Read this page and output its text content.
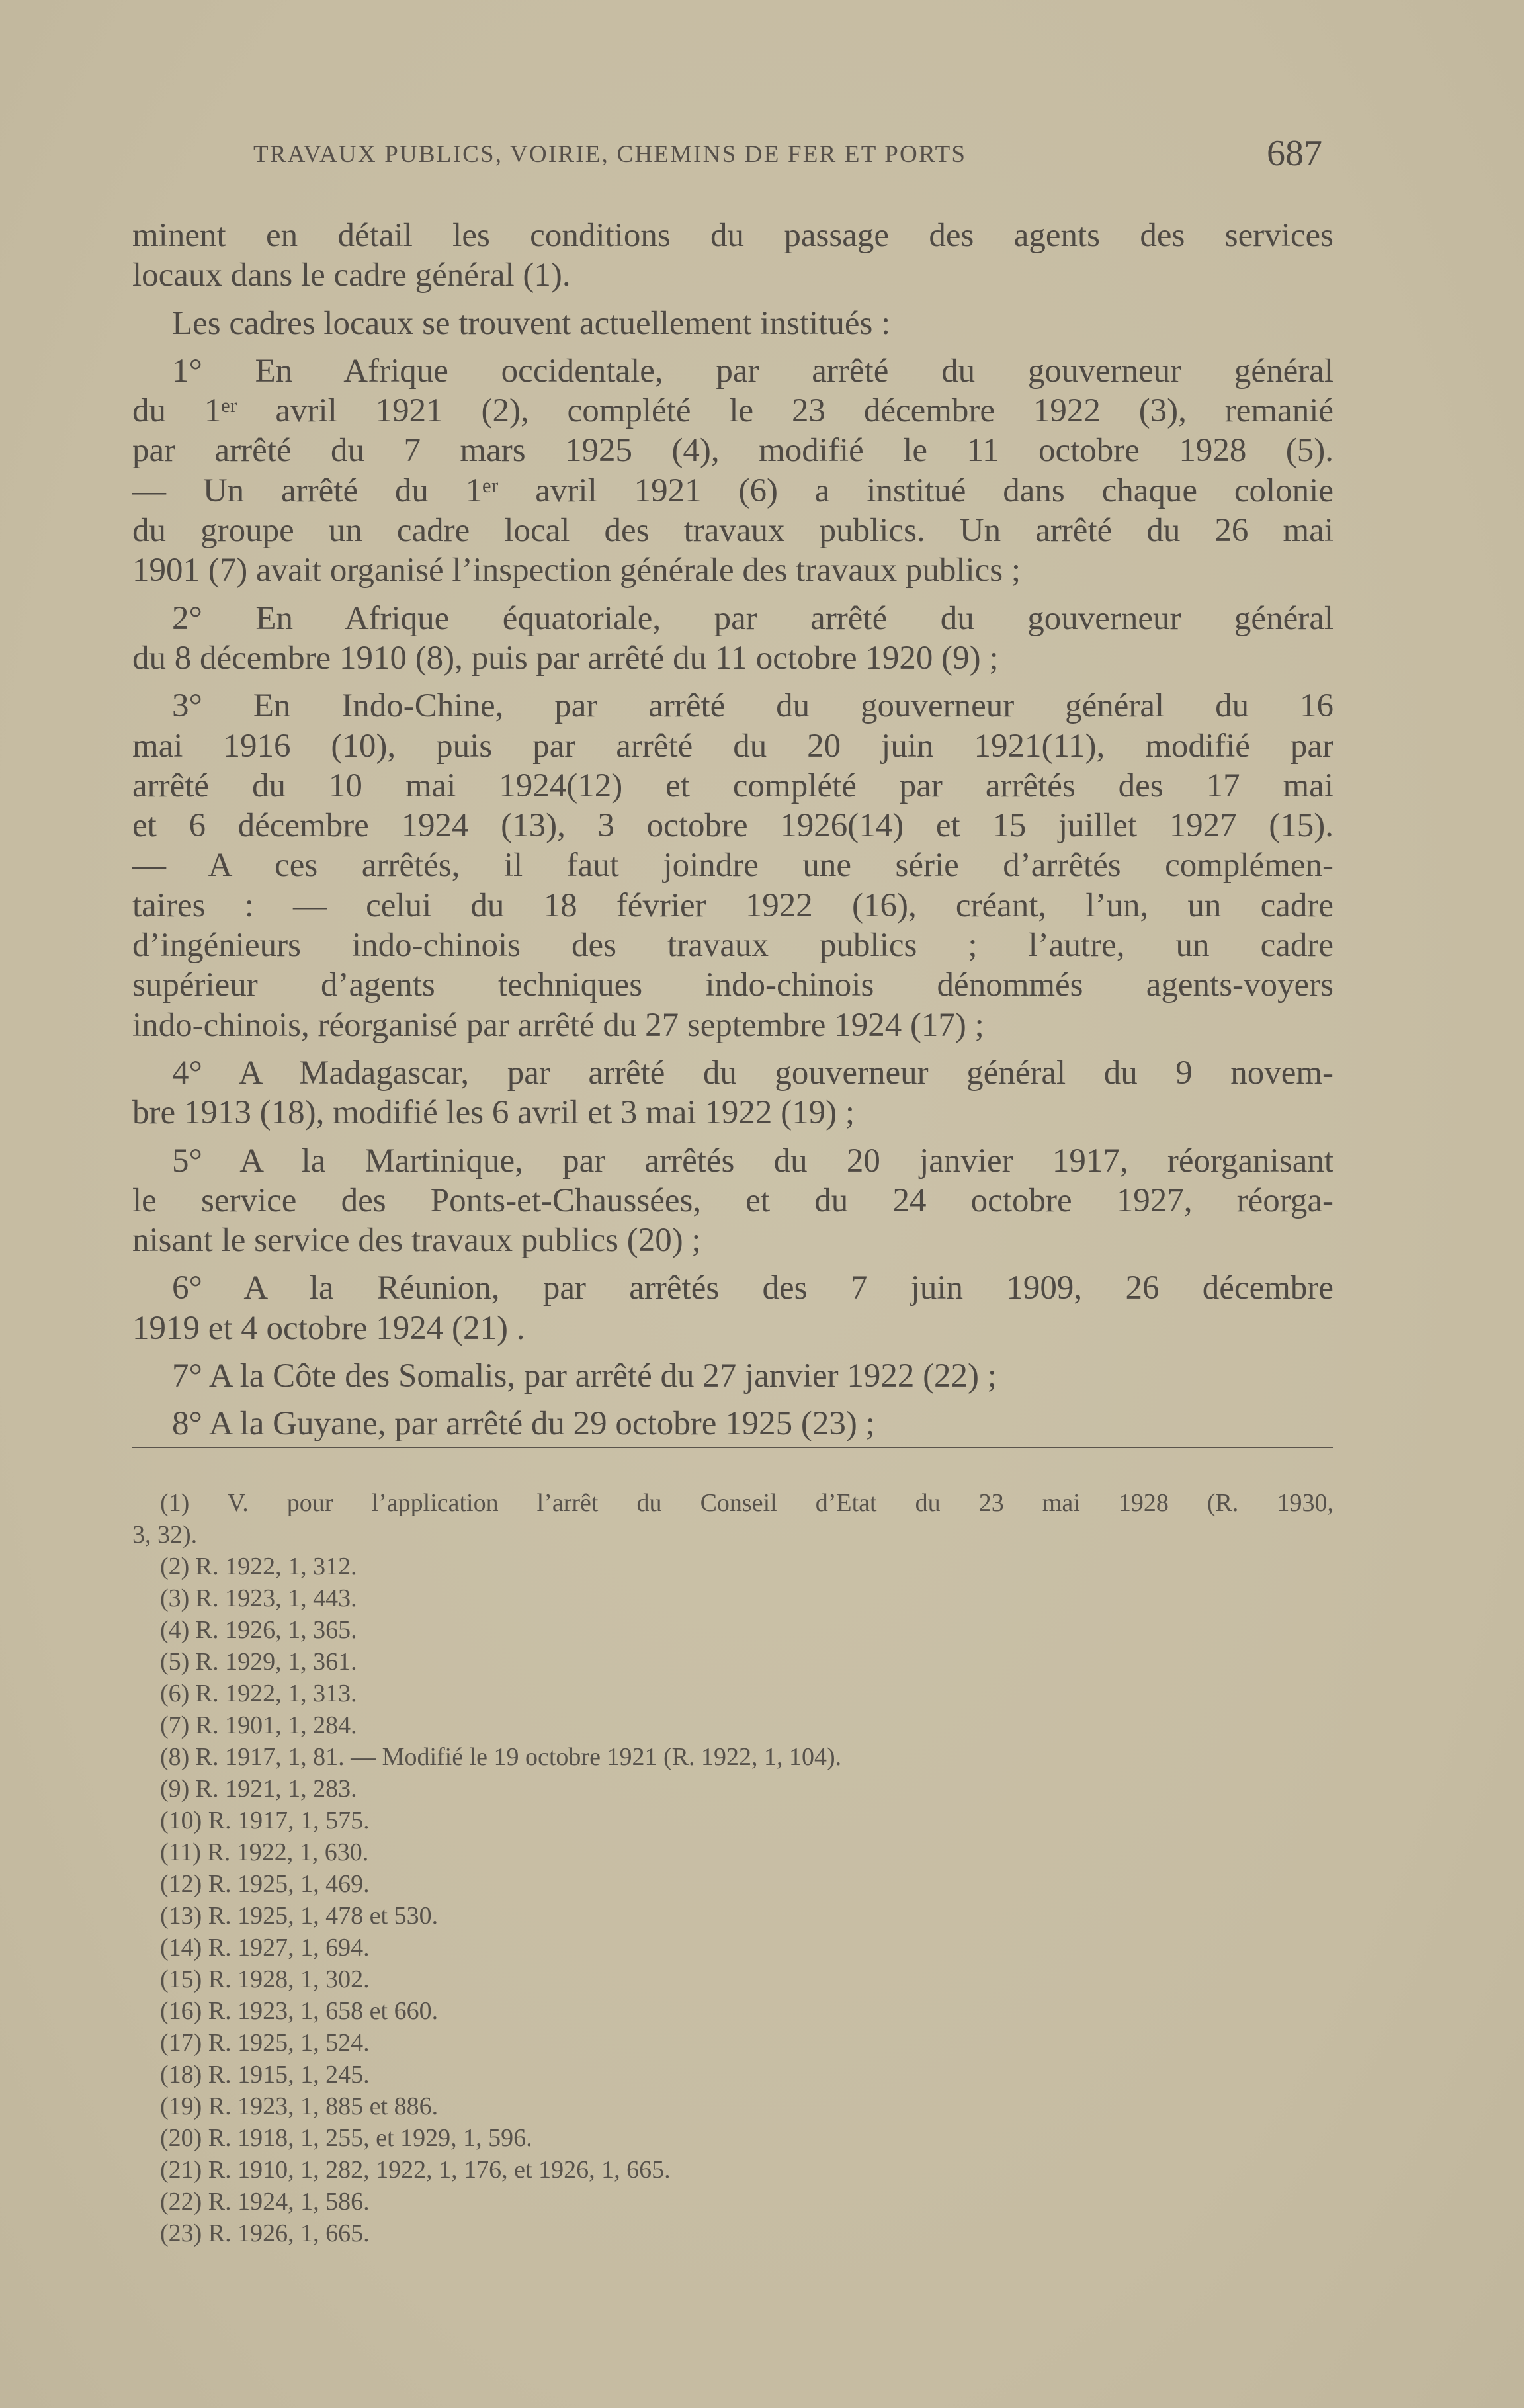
TRAVAUX PUBLICS, VOIRIE, CHEMINS DE FER ET PORTS	687
minent en détail les conditions du passage des agents des services
locaux dans le cadre général (1).
Les cadres locaux se trouvent actuellement institués :
1° En Afrique occidentale, par arrêté du gouverneur général
du 1ᵉʳ avril 1921 (2), complété le 23 décembre 1922 (3), remanié
par arrêté du 7 mars 1925 (4), modifié le 11 octobre 1928 (5).
— Un arrêté du 1ᵉʳ avril 1921 (6) a institué dans chaque colonie
du groupe un cadre local des travaux publics. Un arrêté du 26 mai
1901 (7) avait organisé l’inspection générale des travaux publics ;
2° En Afrique équatoriale, par arrêté du gouverneur général
du 8 décembre 1910 (8), puis par arrêté du 11 octobre 1920 (9) ;
3° En Indo-Chine, par arrêté du gouverneur général du 16
mai 1916 (10), puis par arrêté du 20 juin 1921(11), modifié par
arrêté du 10 mai 1924(12) et complété par arrêtés des 17 mai
et 6 décembre 1924 (13), 3 octobre 1926(14) et 15 juillet 1927 (15).
— A ces arrêtés, il faut joindre une série d’arrêtés complémen-
taires : — celui du 18 février 1922 (16), créant, l’un, un cadre
d’ingénieurs indo-chinois des travaux publics ; l’autre, un cadre
supérieur d’agents techniques indo-chinois dénommés agents-voyers
indo-chinois, réorganisé par arrêté du 27 septembre 1924 (17) ;
4° A Madagascar, par arrêté du gouverneur général du 9 novem-
bre 1913 (18), modifié les 6 avril et 3 mai 1922 (19) ;
5° A la Martinique, par arrêtés du 20 janvier 1917, réorganisant
le service des Ponts-et-Chaussées, et du 24 octobre 1927, réorga-
nisant le service des travaux publics (20) ;
6° A la Réunion, par arrêtés des 7 juin 1909, 26 décembre
1919 et 4 octobre 1924 (21) .
7° A la Côte des Somalis, par arrêté du 27 janvier 1922 (22) ;
8° A la Guyane, par arrêté du 29 octobre 1925 (23) ;
(1) V. pour l’application l’arrêt du Conseil d’Etat du 23 mai 1928 (R. 1930,
3, 32).
(2) R. 1922, 1, 312.
(3) R. 1923, 1, 443.
(4) R. 1926, 1, 365.
(5) R. 1929, 1, 361.
(6) R. 1922, 1, 313.
(7) R. 1901, 1, 284.
(8) R. 1917, 1, 81. — Modifié le 19 octobre 1921 (R. 1922, 1, 104).
(9) R. 1921, 1, 283.
(10) R. 1917, 1, 575.
(11) R. 1922, 1, 630.
(12) R. 1925, 1, 469.
(13) R. 1925, 1, 478 et 530.
(14) R. 1927, 1, 694.
(15) R. 1928, 1, 302.
(16) R. 1923, 1, 658 et 660.
(17) R. 1925, 1, 524.
(18) R. 1915, 1, 245.
(19) R. 1923, 1, 885 et 886.
(20) R. 1918, 1, 255, et 1929, 1, 596.
(21) R. 1910, 1, 282, 1922, 1, 176, et 1926, 1, 665.
(22) R. 1924, 1, 586.
(23) R. 1926, 1, 665.
